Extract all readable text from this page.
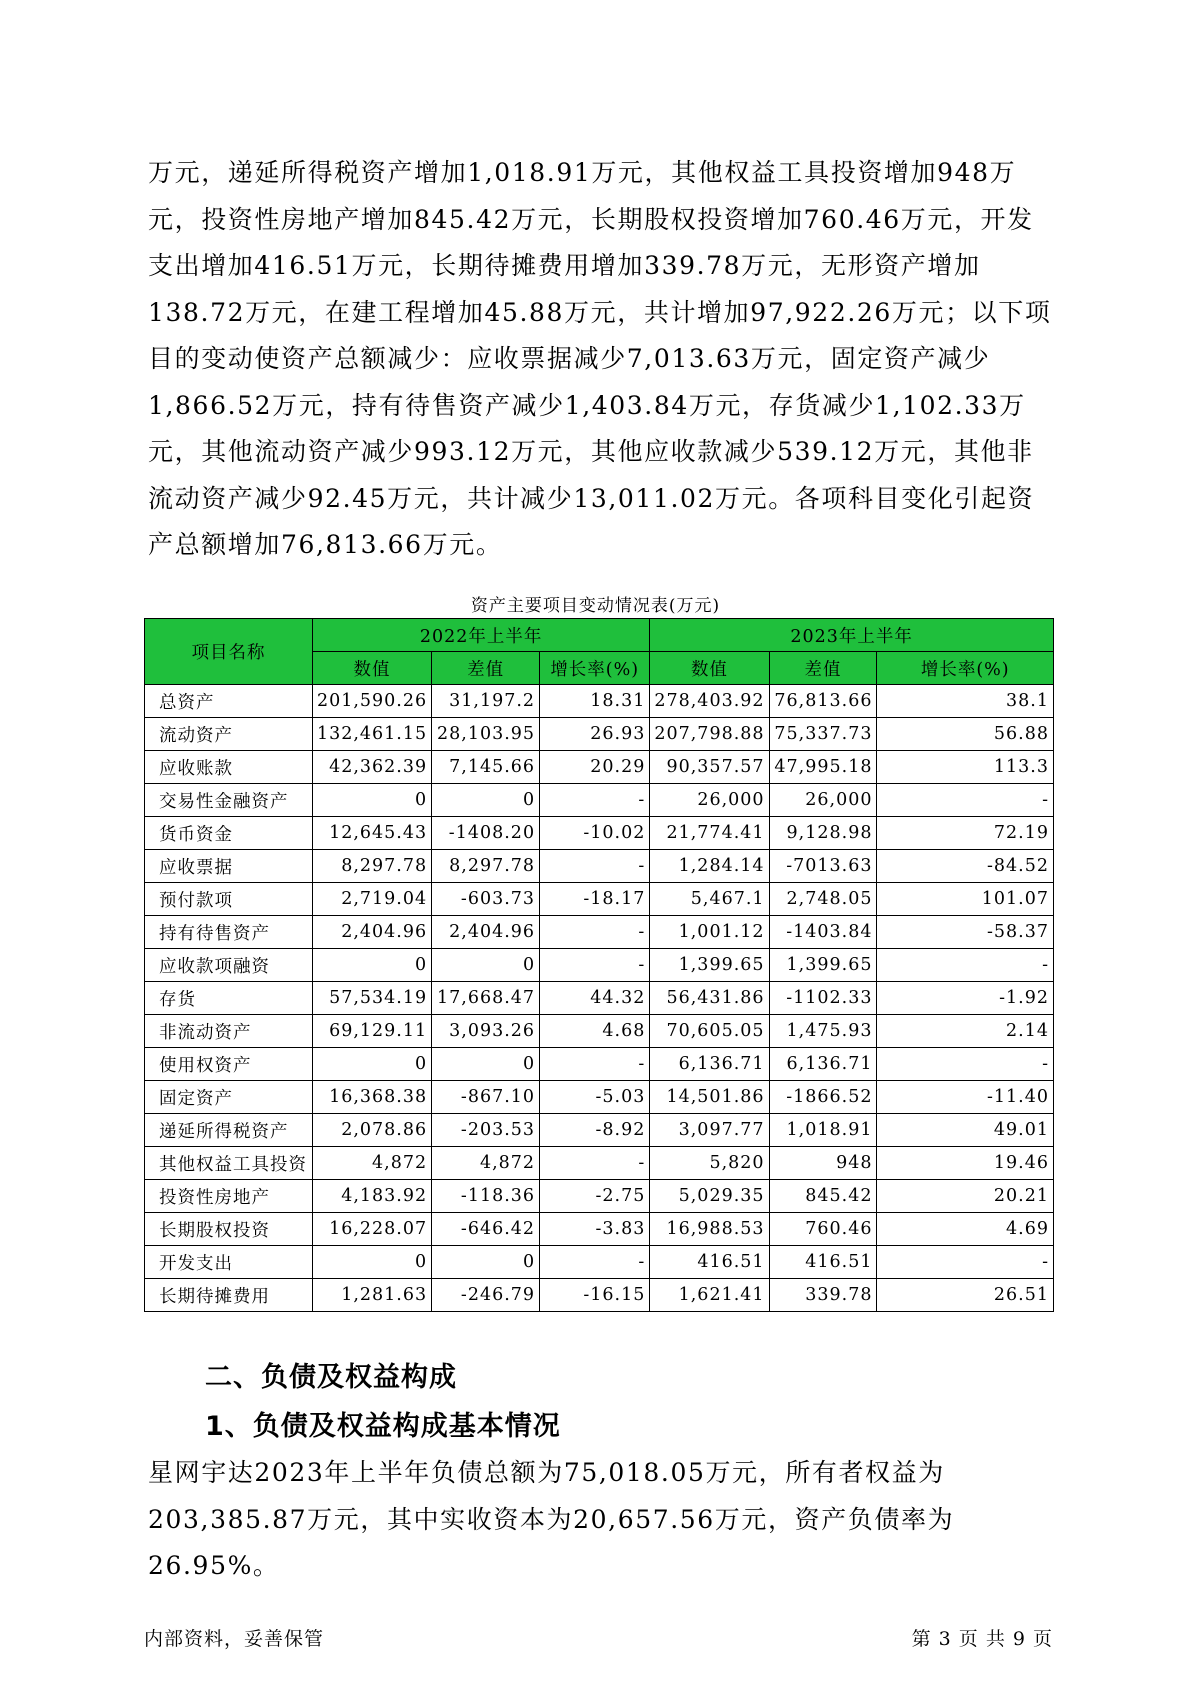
万元，递延所得税资产增加1,018.91万元，其他权益工具投资增加948万元，投资性房地产增加845.42万元，长期股权投资增加760.46万元，开发支出增加416.51万元，长期待摊费用增加339.78万元，无形资产增加138.72万元，在建工程增加45.88万元，共计增加97,922.26万元；以下项目的变动使资产总额减少：应收票据减少7,013.63万元，固定资产减少1,866.52万元，持有待售资产减少1,403.84万元，存货减少1,102.33万元，其他流动资产减少993.12万元，其他应收款减少539.12万元，其他非流动资产减少92.45万元，共计减少13,011.02万元。各项科目变化引起资产总额增加76,813.66万元。

资产主要项目变动情况表(万元)
项目名称	2022年上半年			2023年上半年		
	数值	差值	增长率(%)	数值	差值	增长率(%)
总资产	201,590.26	31,197.2	18.31	278,403.92	76,813.66	38.1
流动资产	132,461.15	28,103.95	26.93	207,798.88	75,337.73	56.88
应收账款	42,362.39	7,145.66	20.29	90,357.57	47,995.18	113.3
交易性金融资产	0	0	-	26,000	26,000	-
货币资金	12,645.43	-1408.20	-10.02	21,774.41	9,128.98	72.19
应收票据	8,297.78	8,297.78	-	1,284.14	-7013.63	-84.52
预付款项	2,719.04	-603.73	-18.17	5,467.1	2,748.05	101.07
持有待售资产	2,404.96	2,404.96	-	1,001.12	-1403.84	-58.37
应收款项融资	0	0	-	1,399.65	1,399.65	-
存货	57,534.19	17,668.47	44.32	56,431.86	-1102.33	-1.92
非流动资产	69,129.11	3,093.26	4.68	70,605.05	1,475.93	2.14
使用权资产	0	0	-	6,136.71	6,136.71	-
固定资产	16,368.38	-867.10	-5.03	14,501.86	-1866.52	-11.40
递延所得税资产	2,078.86	-203.53	-8.92	3,097.77	1,018.91	49.01
其他权益工具投资	4,872	4,872	-	5,820	948	19.46
投资性房地产	4,183.92	-118.36	-2.75	5,029.35	845.42	20.21
长期股权投资	16,228.07	-646.42	-3.83	16,988.53	760.46	4.69
开发支出	0	0	-	416.51	416.51	-
长期待摊费用	1,281.63	-246.79	-16.15	1,621.41	339.78	26.51
二、负债及权益构成
1、负债及权益构成基本情况

星网宇达2023年上半年负债总额为75,018.05万元，所有者权益为203,385.87万元，其中实收资本为20,657.56万元，资产负债率为26.95%。

内部资料，妥善保管	第 3 页 共 9 页
